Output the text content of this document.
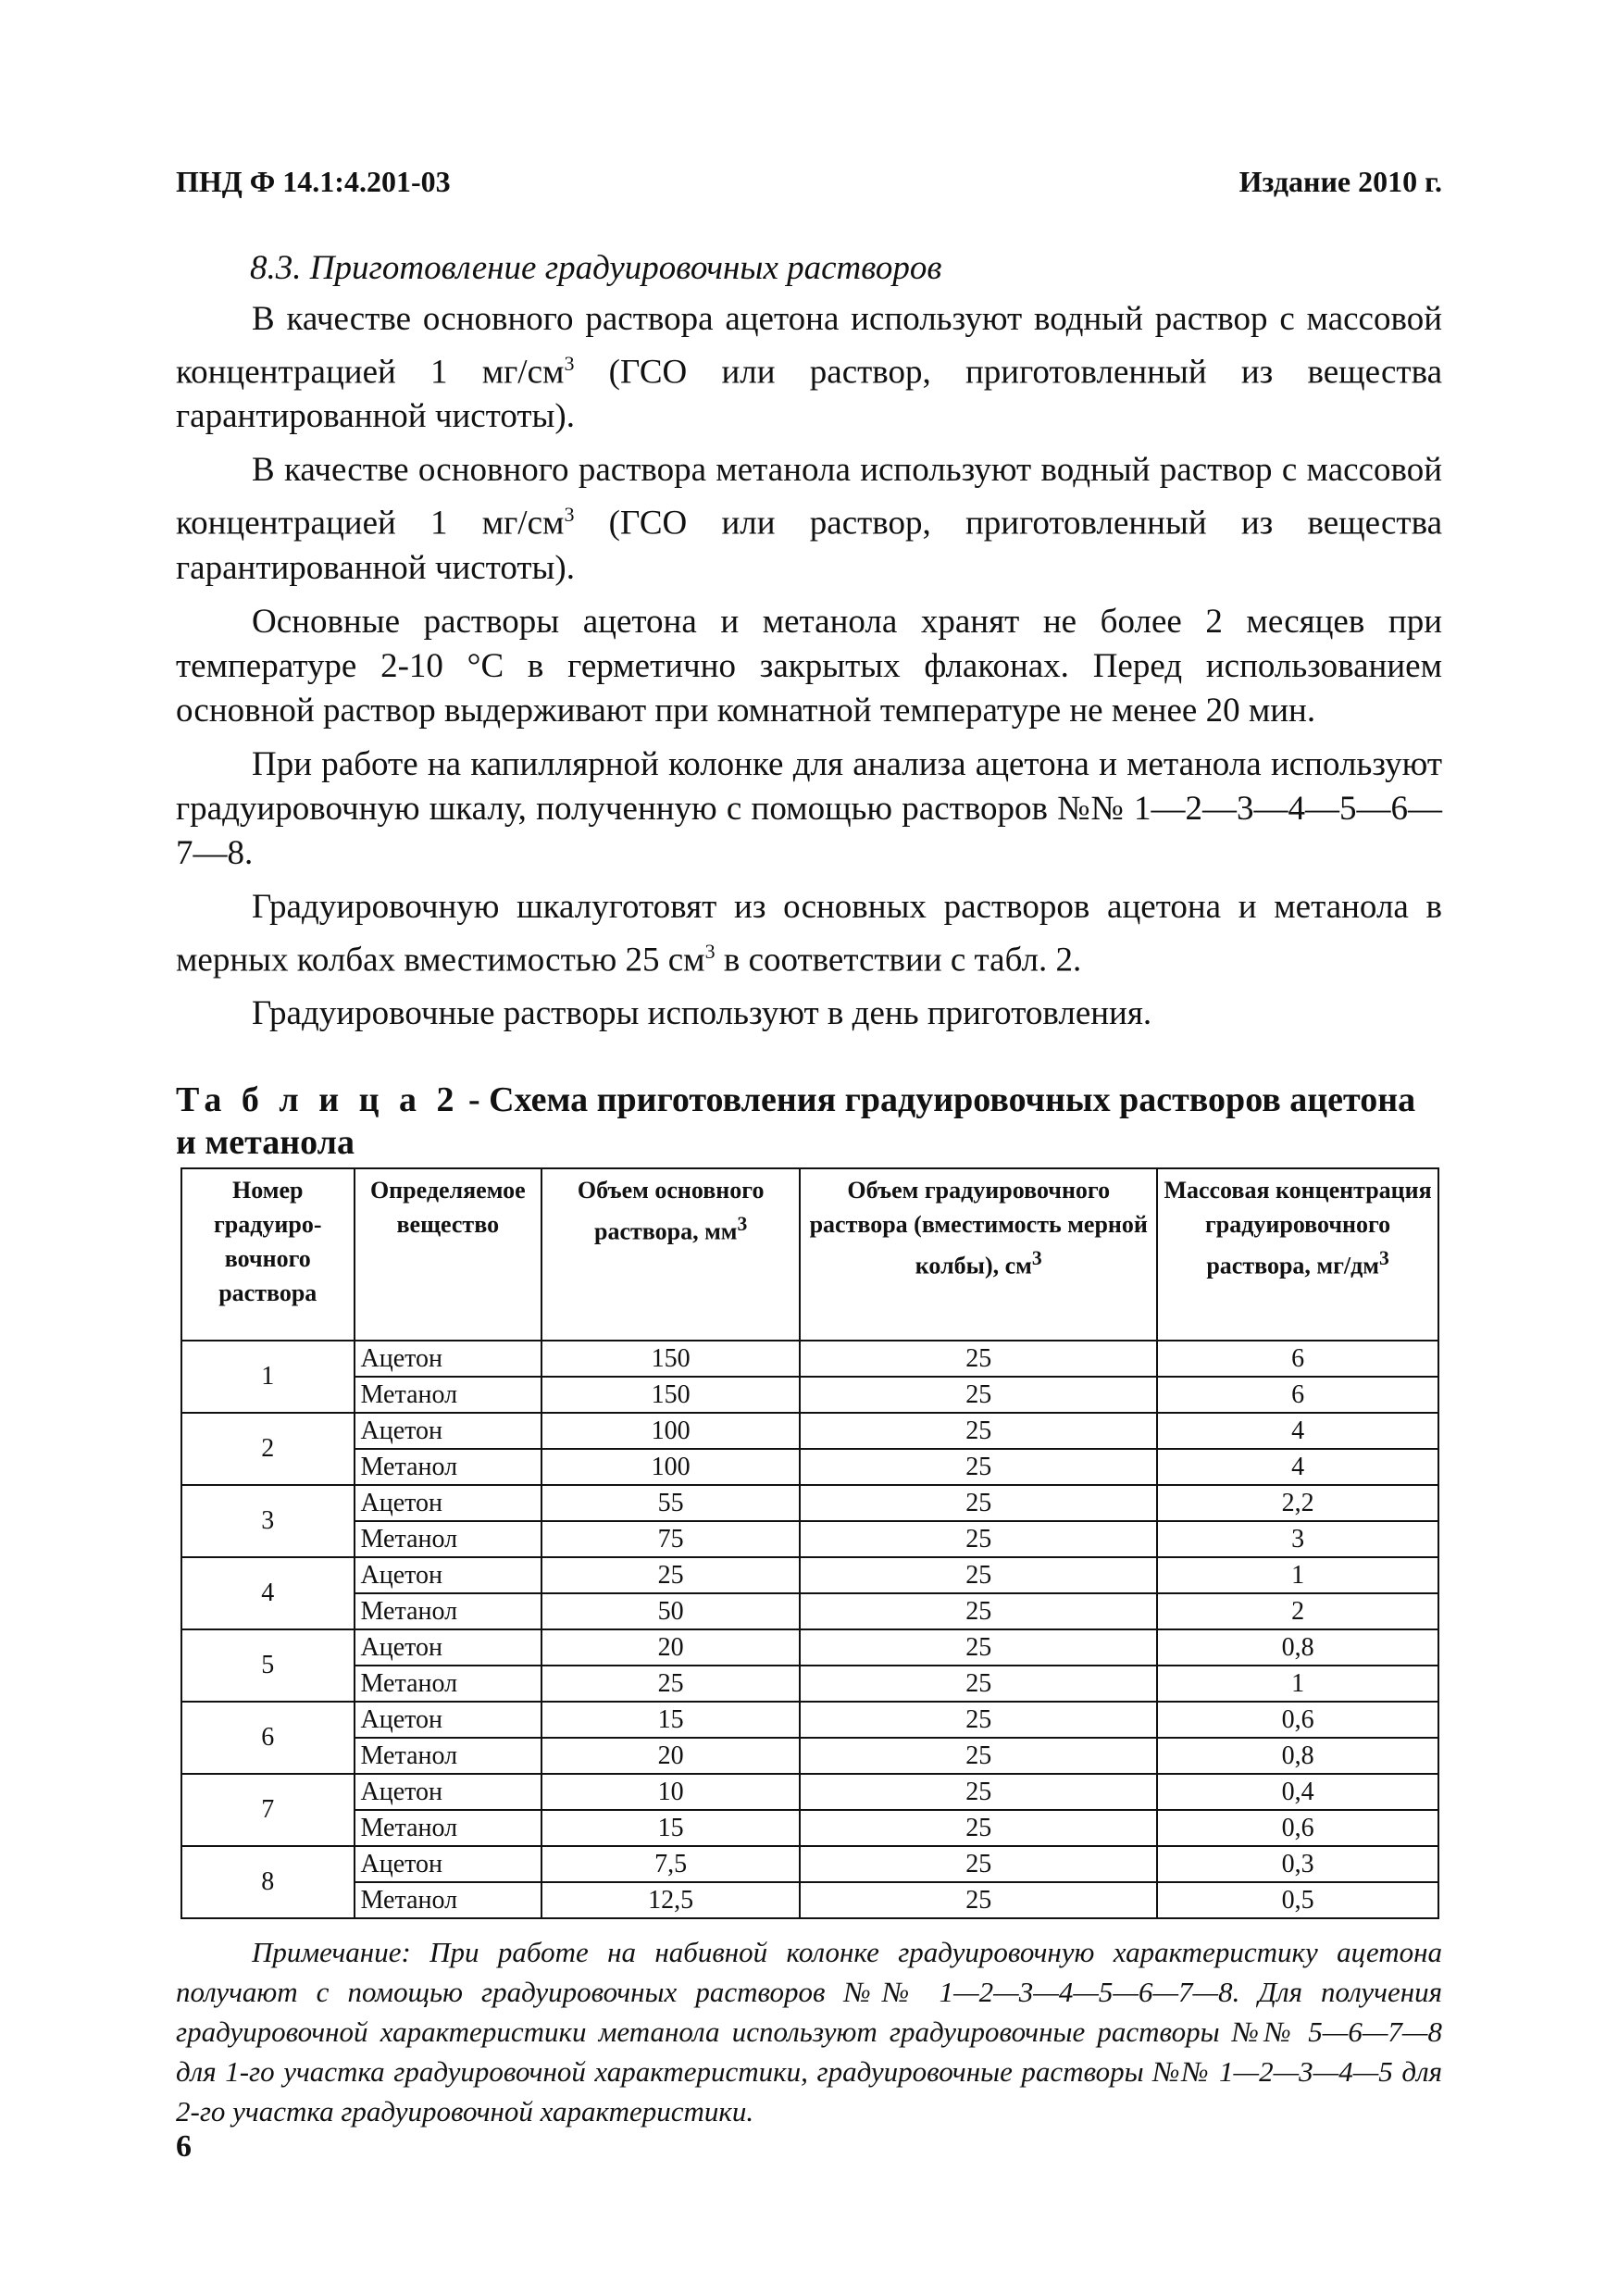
ПНД Ф 14.1:4.201-03	Издание 2010 г.
8.3. Приготовление градуировочных растворов

В качестве основного раствора ацетона используют водный раствор с массовой концентрацией 1 $мг/см^3$ (ГСО или раствор, приготовленный из вещества гарантированной чистоты).

В качестве основного раствора метанола используют водный раствор с массовой концентрацией 1 $мг/см^3$ (ГСО или раствор, приготовленный из вещества гарантированной чистоты).

Основные растворы ацетона и метанола хранят не более 2 месяцев при температуре 2-10 °С в герметично закрытых флаконах. Перед использованием основной раствор выдерживают при комнатной температуре не менее 20 мин.

При работе на капиллярной колонке для анализа ацетона и метанола используют градуировочную шкалу, полученную с помощью растворов №№ 1—2—3—4—5—6—7—8.

Градуировочную шкалуготовят из основных растворов ацетона и метанола в мерных колбах вместимостью 25 $см^3$ в соответствии с табл. 2.

Градуировочные растворы используют в день приготовления.

Та б л и ц а 2 - Схема приготовления градуировочных растворов ацетона и метанола
Номер градуиро-вочного раствора	Определяемое вещество	Объем основного раствора, $мм^3$	Объем градуировочного раствора (вместимость мерной колбы), $см^3$	Массовая концентрация градуировочного раствора, $мг/дм^3$
1	Ацетон	150	25	6
	Метанол	150	25	6
2	Ацетон	100	25	4
	Метанол	100	25	4
3	Ацетон	55	25	2,2
	Метанол	75	25	3
4	Ацетон	25	25	1
	Метанол	50	25	2
5	Ацетон	20	25	0,8
	Метанол	25	25	1
6	Ацетон	15	25	0,6
	Метанол	20	25	0,8
7	Ацетон	10	25	0,4
	Метанол	15	25	0,6
8	Ацетон	7,5	25	0,3
	Метанол	12,5	25	0,5
Примечание: При работе на набивной колонке градуировочную характеристику ацетона получают с помощью градуировочных растворов №№ 1—2—3—4—5—6—7—8. Для получения градуировочной характеристики метанола используют градуировочные растворы №№ 5—6—7—8 для 1-го участка градуировочной характеристики, градуировочные растворы №№ 1—2—3—4—5 для 2-го участка градуировочной характеристики.
6
